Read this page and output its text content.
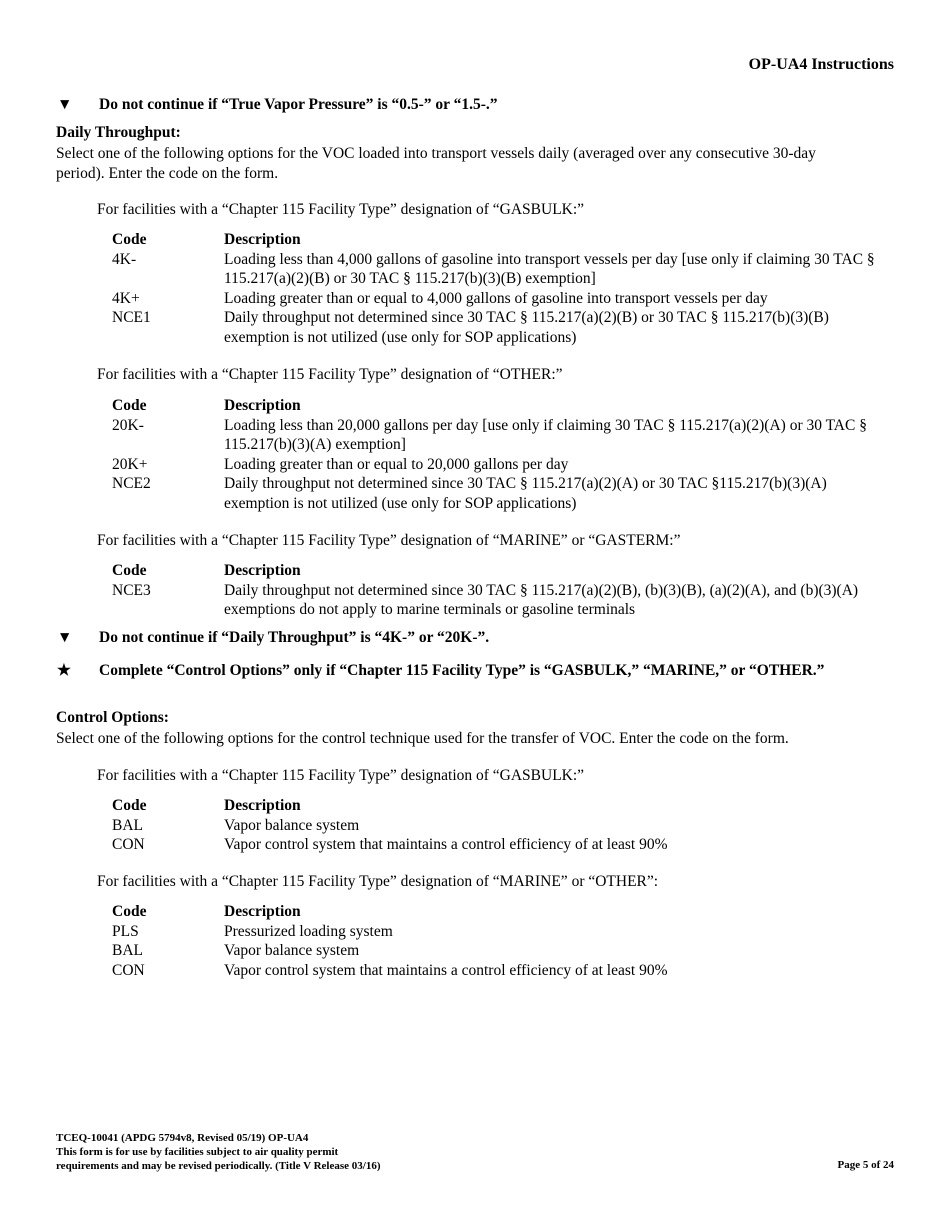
OP-UA4 Instructions
▼	Do not continue if “True Vapor Pressure” is “0.5-” or “1.5-.”
Daily Throughput:
Select one of the following options for the VOC loaded into transport vessels daily (averaged over any consecutive 30-day period). Enter the code on the form.
For facilities with a “Chapter 115 Facility Type” designation of “GASBULK:”
Code	Description
4K-	Loading less than 4,000 gallons of gasoline into transport vessels per day [use only if claiming 30 TAC § 115.217(a)(2)(B) or 30 TAC § 115.217(b)(3)(B) exemption]
4K+	Loading greater than or equal to 4,000 gallons of gasoline into transport vessels per day
NCE1	Daily throughput not determined since 30 TAC § 115.217(a)(2)(B) or 30 TAC § 115.217(b)(3)(B) exemption is not utilized (use only for SOP applications)
For facilities with a “Chapter 115 Facility Type” designation of “OTHER:”
Code	Description
20K-	Loading less than 20,000 gallons per day [use only if claiming 30 TAC § 115.217(a)(2)(A) or 30 TAC § 115.217(b)(3)(A) exemption]
20K+	Loading greater than or equal to 20,000 gallons per day
NCE2	Daily throughput not determined since 30 TAC § 115.217(a)(2)(A) or 30 TAC §115.217(b)(3)(A) exemption is not utilized (use only for SOP applications)
For facilities with a “Chapter 115 Facility Type” designation of “MARINE” or “GASTERM:”
Code	Description
NCE3	Daily throughput not determined since 30 TAC § 115.217(a)(2)(B), (b)(3)(B), (a)(2)(A), and (b)(3)(A) exemptions do not apply to marine terminals or gasoline terminals
▼	Do not continue if “Daily Throughput” is “4K-” or “20K-”.
★	Complete “Control Options” only if “Chapter 115 Facility Type” is “GASBULK,” “MARINE,” or “OTHER.”
Control Options:
Select one of the following options for the control technique used for the transfer of VOC. Enter the code on the form.
For facilities with a “Chapter 115 Facility Type” designation of “GASBULK:”
Code	Description
BAL	Vapor balance system
CON	Vapor control system that maintains a control efficiency of at least 90%
For facilities with a “Chapter 115 Facility Type” designation of “MARINE” or “OTHER”:
Code	Description
PLS	Pressurized loading system
BAL	Vapor balance system
CON	Vapor control system that maintains a control efficiency of at least 90%
TCEQ-10041 (APDG 5794v8, Revised 05/19) OP-UA4
This form is for use by facilities subject to air quality permit
requirements and may be revised periodically. (Title V Release 03/16)	Page 5 of 24
